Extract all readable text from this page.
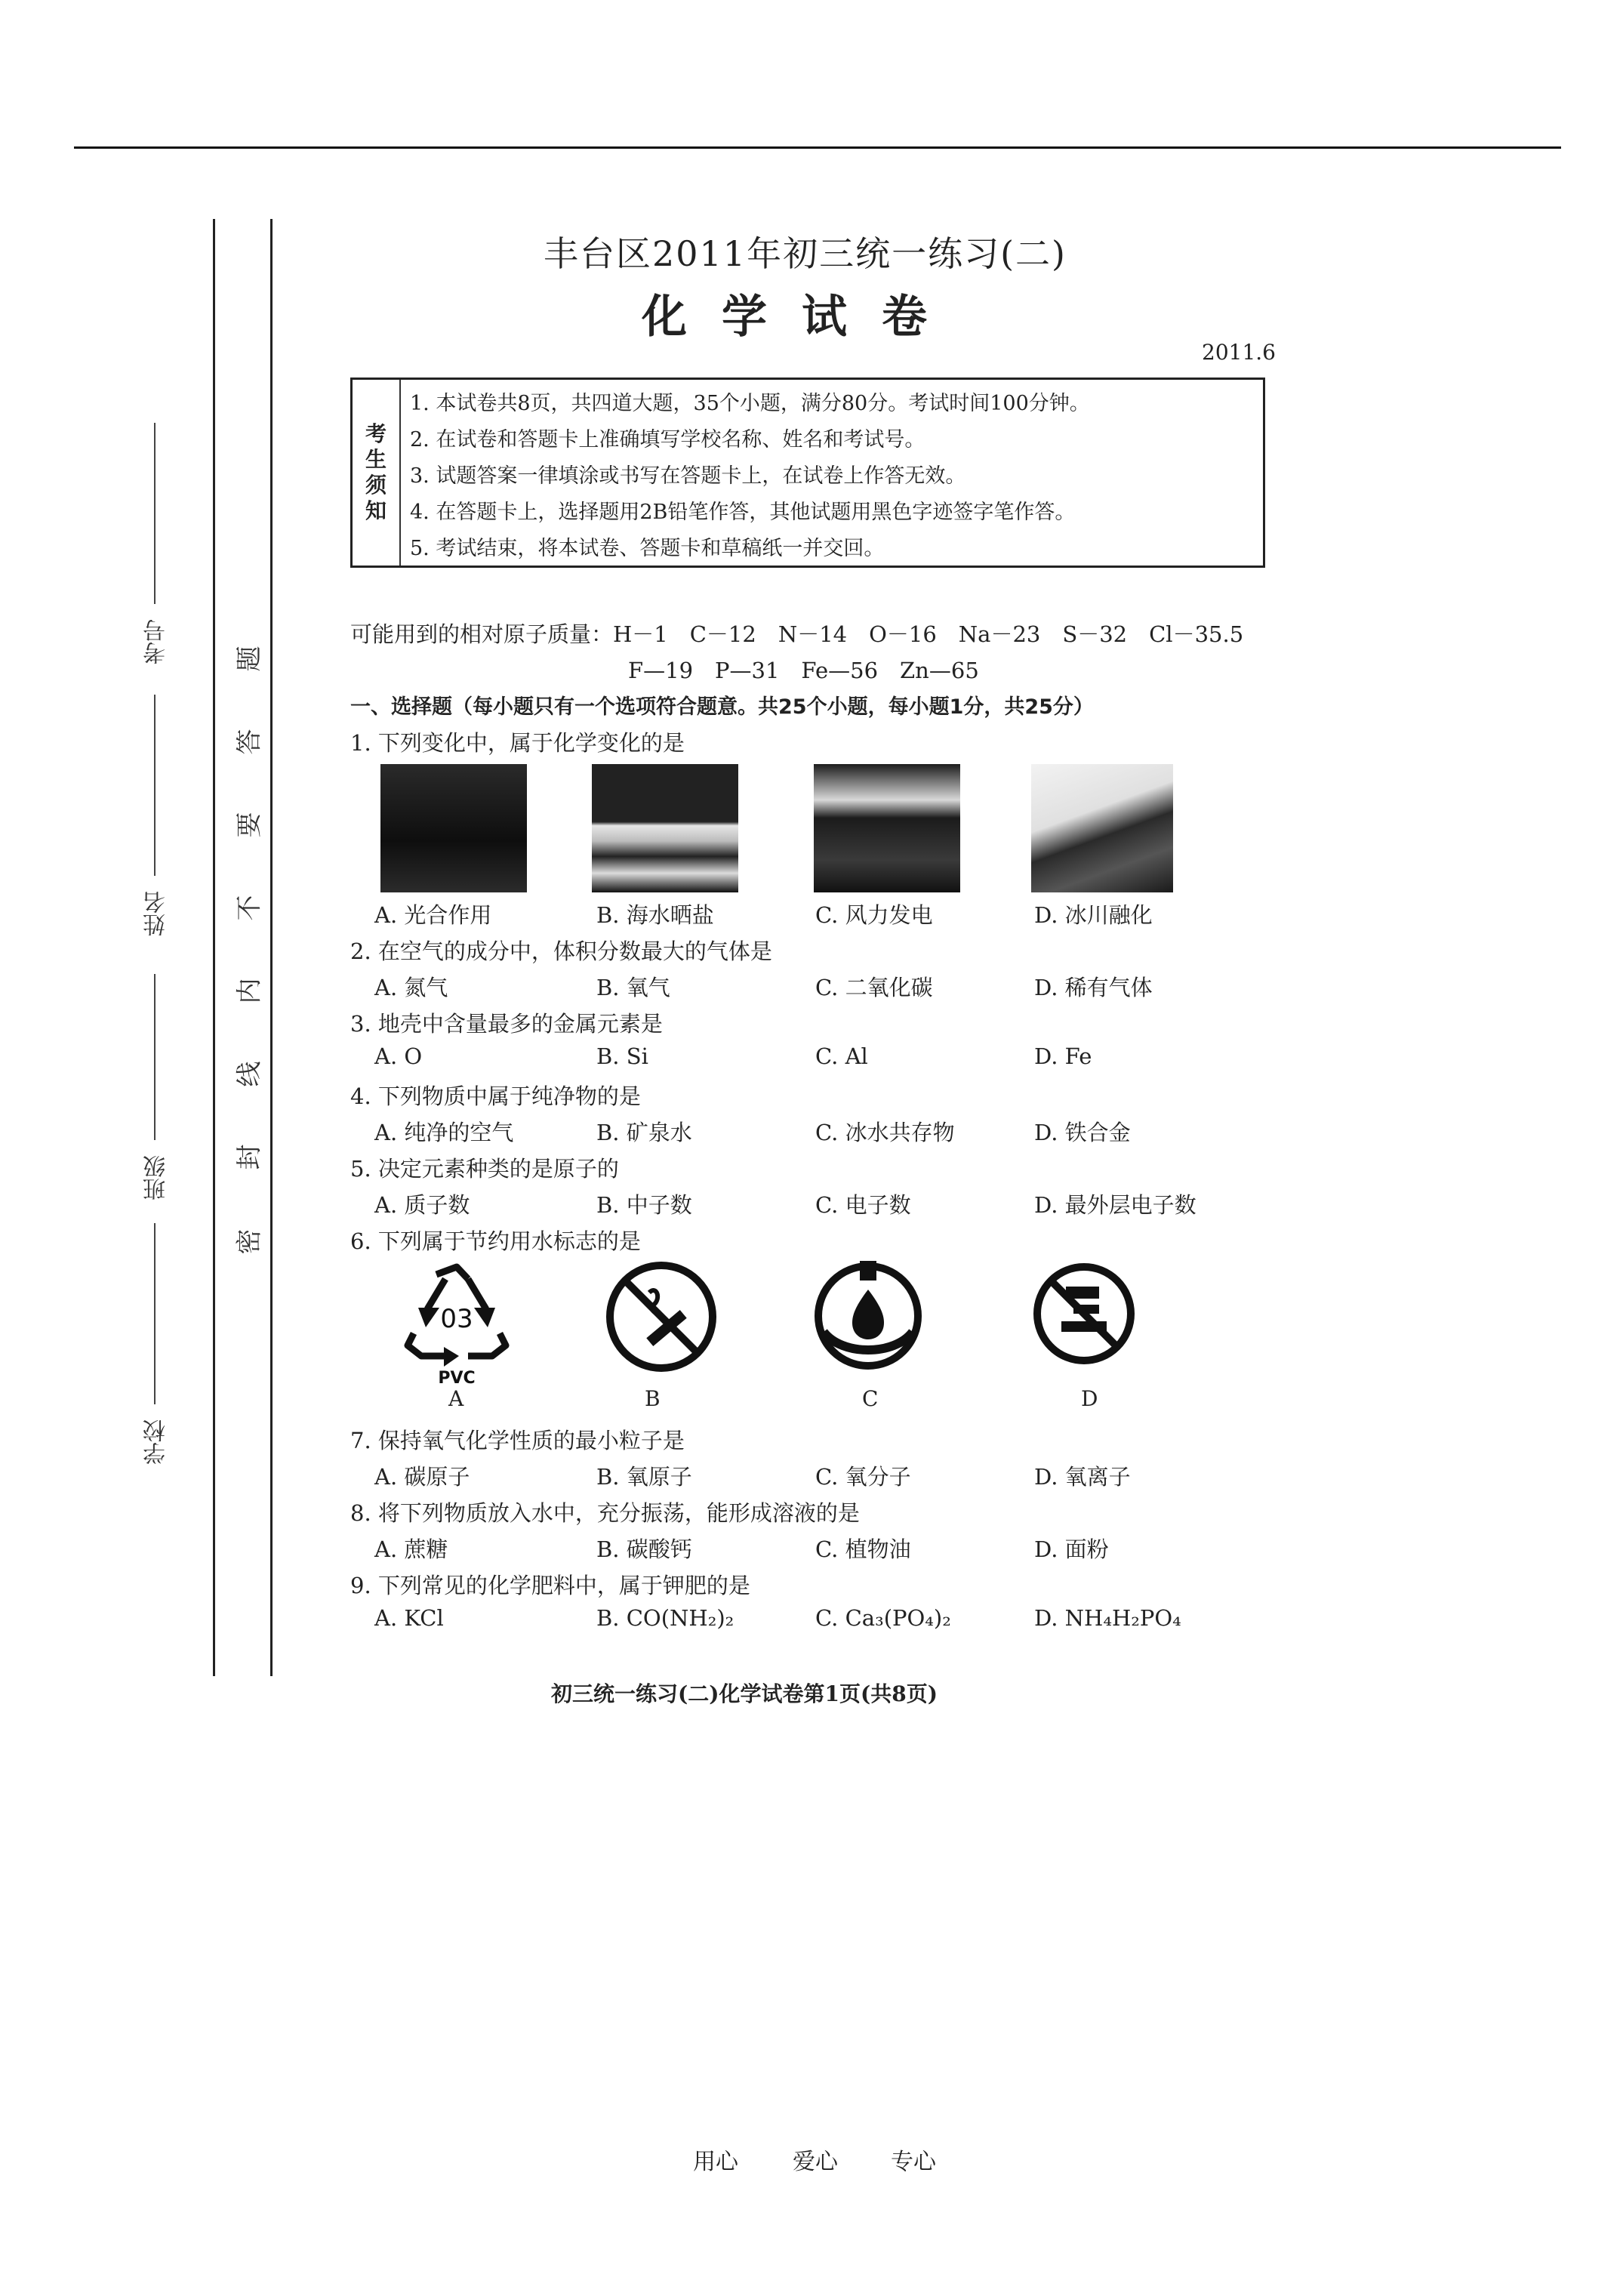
考号
姓名
班级
学校
密
封
线
内
不
要
答
题
丰台区2011年初三统一练习(二)
化学试卷
2011.6
考
生
须
知
1. 本试卷共8页，共四道大题，35个小题，满分80分。考试时间100分钟。
2. 在试卷和答题卡上准确填写学校名称、姓名和考试号。
3. 试题答案一律填涂或书写在答题卡上，在试卷上作答无效。
4. 在答题卡上，选择题用2B铅笔作答，其他试题用黑色字迹签字笔作答。
5. 考试结束，将本试卷、答题卡和草稿纸一并交回。
可能用到的相对原子质量：H－1　C－12　N－14　O－16　Na－23　S－32　Cl－35.5
F—19　P—31　Fe—56　Zn—65
一、选择题（每小题只有一个选项符合题意。共25个小题，每小题1分，共25分）
1. 下列变化中，属于化学变化的是
A. 光合作用	B. 海水晒盐	C. 风力发电	D. 冰川融化
2. 在空气的成分中，体积分数最大的气体是
A. 氮气	B. 氧气	C. 二氧化碳	D. 稀有气体
3. 地壳中含量最多的金属元素是
A. O	B. Si	C. Al	D. Fe
4. 下列物质中属于纯净物的是
A. 纯净的空气	B. 矿泉水	C. 冰水共存物	D. 铁合金
5. 决定元素种类的是原子的
A. 质子数	B. 中子数	C. 电子数	D. 最外层电子数
6. 下列属于节约用水标志的是
03
PVC
A	B	C	D
7. 保持氧气化学性质的最小粒子是
A. 碳原子	B. 氧原子	C. 氧分子	D. 氧离子
8. 将下列物质放入水中，充分振荡，能形成溶液的是
A. 蔗糖	B. 碳酸钙	C. 植物油	D. 面粉
9. 下列常见的化学肥料中，属于钾肥的是
A. KCl	B. CO(NH₂)₂	C. Ca₃(PO₄)₂	D. NH₄H₂PO₄
初三统一练习(二)化学试卷第1页(共8页)
用心 爱心 专心
